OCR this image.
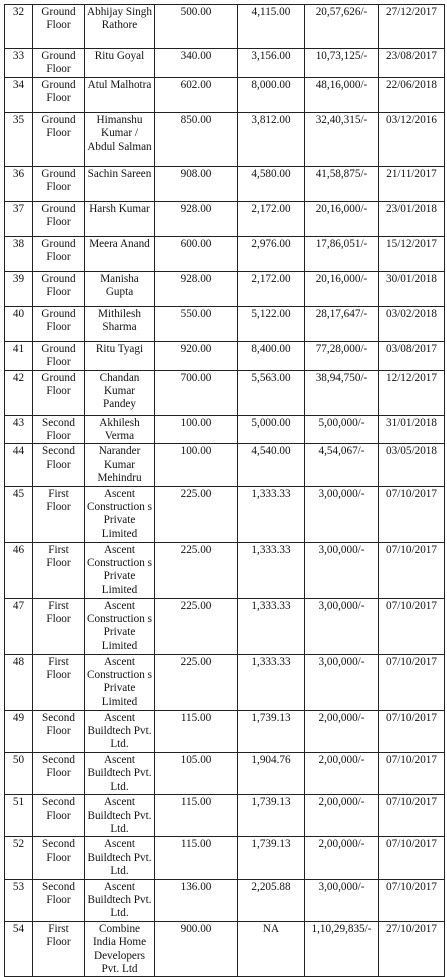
32	Ground Floor	Abhijay Singh Rathore	500.00	4,115.00	20,57,626/-	27/12/2017

33	Ground Floor	Ritu Goyal	340.00	3,156.00	10,73,125/-	23/08/2017

34	Ground Floor	Atul Malhotra	602.00	8,000.00	48,16,000/-	22/06/2018

35	Ground Floor	Himanshu Kumar / Abdul Salman	850.00	3,812.00	32,40,315/-	03/12/2016

36	Ground Floor	Sachin Sareen	908.00	4,580.00	41,58,875/-	21/11/2017

37	Ground Floor	Harsh Kumar	928.00	2,172.00	20,16,000/-	23/01/2018

38	Ground Floor	Meera Anand	600.00	2,976.00	17,86,051/-	15/12/2017

39	Ground Floor	Manisha Gupta	928.00	2,172.00	20,16,000/-	30/01/2018

40	Ground Floor	Mithilesh Sharma	550.00	5,122.00	28,17,647/-	03/02/2018

41	Ground Floor	Ritu Tyagi	920.00	8,400.00	77,28,000/-	03/08/2017

42	Ground Floor	Chandan Kumar Pandey	700.00	5,563.00	38,94,750/-	12/12/2017

43	Second Floor	Akhilesh Verma	100.00	5,000.00	5,00,000/-	31/01/2018

44	Second Floor	Narander Kumar Mehindru	100.00	4,540.00	4,54,067/-	03/05/2018

45	First Floor	Ascent Construction s Private Limited	225.00	1,333.33	3,00,000/-	07/10/2017

46	First Floor	Ascent Construction s Private Limited	225.00	1,333.33	3,00,000/-	07/10/2017

47	First Floor	Ascent Construction s Private Limited	225.00	1,333.33	3,00,000/-	07/10/2017

48	First Floor	Ascent Construction s Private Limited	225.00	1,333.33	3,00,000/-	07/10/2017

49	Second Floor	Ascent Buildtech Pvt. Ltd.	115.00	1,739.13	2,00,000/-	07/10/2017

50	Second Floor	Ascent Buildtech Pvt. Ltd.	105.00	1,904.76	2,00,000/-	07/10/2017

51	Second Floor	Ascent Buildtech Pvt. Ltd.	115.00	1,739.13	2,00,000/-	07/10/2017

52	Second Floor	Ascent Buildtech Pvt. Ltd.	115.00	1,739.13	2,00,000/-	07/10/2017

53	Second Floor	Ascent Buildtech Pvt. Ltd.	136.00	2,205.88	3,00,000/-	07/10/2017

54	First Floor	Combine India Home Developers Pvt. Ltd	900.00	NA	1,10,29,835/-	27/10/2017
